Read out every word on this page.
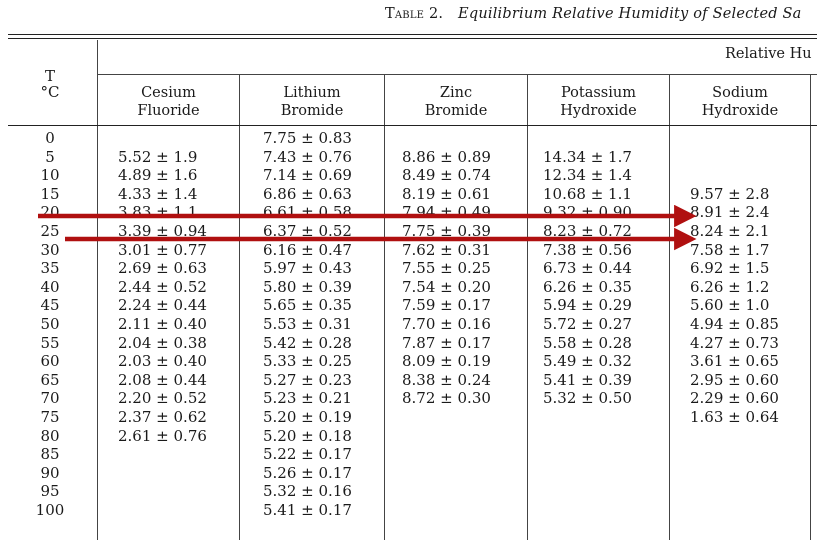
Table 2. Equilibrium Relative Humidity of Selected Sa
Relative Hu
T
°C	Cesium
Fluoride
Lithium
Bromide
Zinc
Bromide
Potassium
Hydroxide
Sodium
Hydroxide
0
5
10
15
20
25
30
35
40
45
50
55
60
65
70
75
80
85
90
95
100
5.52 ± 1.9
4.89 ± 1.6
4.33 ± 1.4
3.83 ± 1.1
3.39 ± 0.94
3.01 ± 0.77
2.69 ± 0.63
2.44 ± 0.52
2.24 ± 0.44
2.11 ± 0.40
2.04 ± 0.38
2.03 ± 0.40
2.08 ± 0.44
2.20 ± 0.52
2.37 ± 0.62
2.61 ± 0.76
7.75 ± 0.83
7.43 ± 0.76
7.14 ± 0.69
6.86 ± 0.63
6.61 ± 0.58
6.37 ± 0.52
6.16 ± 0.47
5.97 ± 0.43
5.80 ± 0.39
5.65 ± 0.35
5.53 ± 0.31
5.42 ± 0.28
5.33 ± 0.25
5.27 ± 0.23
5.23 ± 0.21
5.20 ± 0.19
5.20 ± 0.18
5.22 ± 0.17
5.26 ± 0.17
5.32 ± 0.16
5.41 ± 0.17
8.86 ± 0.89
8.49 ± 0.74
8.19 ± 0.61
7.94 ± 0.49
7.75 ± 0.39
7.62 ± 0.31
7.55 ± 0.25
7.54 ± 0.20
7.59 ± 0.17
7.70 ± 0.16
7.87 ± 0.17
8.09 ± 0.19
8.38 ± 0.24
8.72 ± 0.30
14.34 ± 1.7
12.34 ± 1.4
10.68 ± 1.1
9.32 ± 0.90
8.23 ± 0.72
7.38 ± 0.56
6.73 ± 0.44
6.26 ± 0.35
5.94 ± 0.29
5.72 ± 0.27
5.58 ± 0.28
5.49 ± 0.32
5.41 ± 0.39
5.32 ± 0.50
9.57 ± 2.8
8.91 ± 2.4
8.24 ± 2.1
7.58 ± 1.7
6.92 ± 1.5
6.26 ± 1.2
5.60 ± 1.0
4.94 ± 0.85
4.27 ± 0.73
3.61 ± 0.65
2.95 ± 0.60
2.29 ± 0.60
1.63 ± 0.64
